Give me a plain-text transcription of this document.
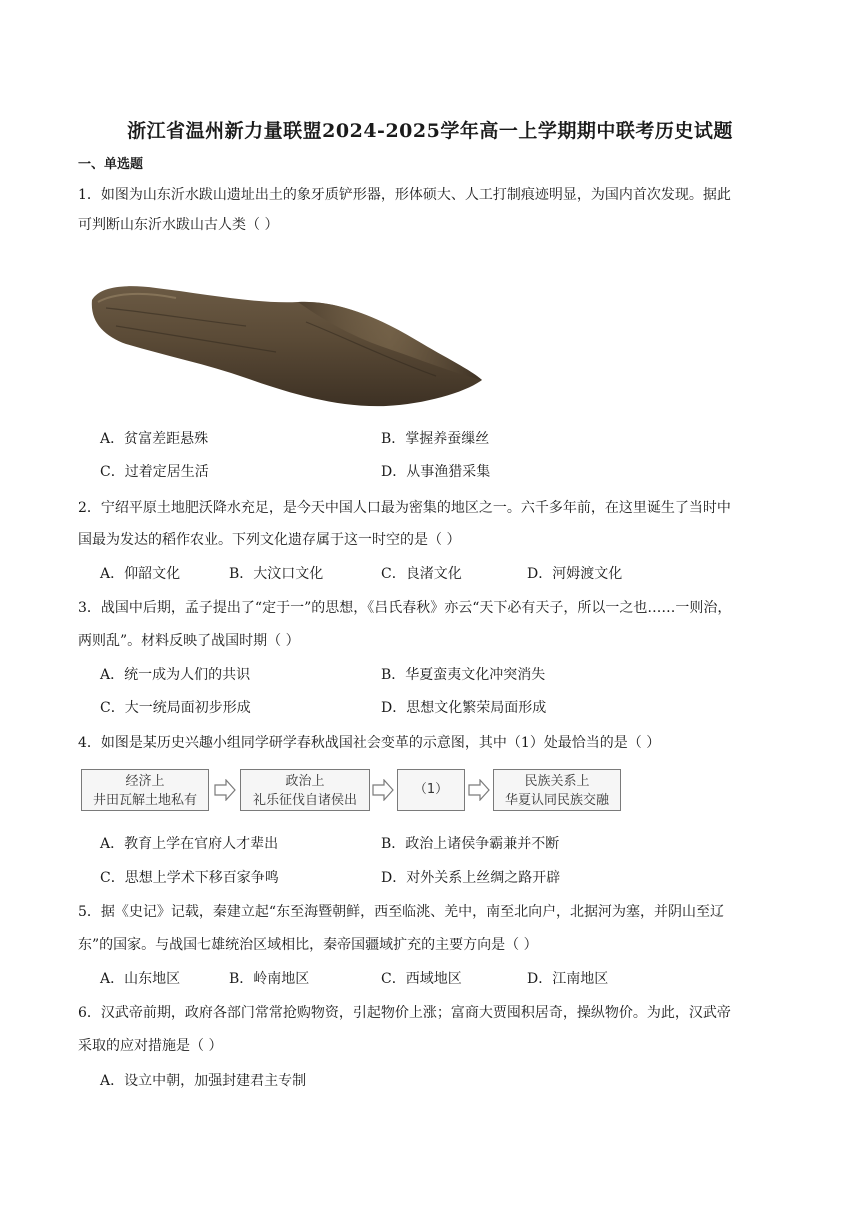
浙江省温州新力量联盟2024-2025学年高一上学期期中联考历史试题
一、单选题
1．如图为山东沂水跋山遗址出土的象牙质铲形器，形体硕大、人工打制痕迹明显，为国内首次发现。据此
可判断山东沂水跋山古人类（ ）
A．贫富差距悬殊	B．掌握养蚕缫丝
C．过着定居生活	D．从事渔猎采集
2．宁绍平原土地肥沃降水充足，是今天中国人口最为密集的地区之一。六千多年前，在这里诞生了当时中
国最为发达的稻作农业。下列文化遗存属于这一时空的是（ ）
A．仰韶文化	B．大汶口文化	C．良渚文化	D．河姆渡文化
3．战国中后期，孟子提出了“定于一”的思想，《吕氏春秋》亦云“天下必有天子，所以一之也……一则治，
两则乱”。材料反映了战国时期（ ）
A．统一成为人们的共识	B．华夏蛮夷文化冲突消失
C．大一统局面初步形成	D．思想文化繁荣局面形成
4．如图是某历史兴趣小组同学研学春秋战国社会变革的示意图，其中（1）处最恰当的是（ ）
经济上
井田瓦解土地私有
政治上
礼乐征伐自诸侯出
（1）
民族关系上
华夏认同民族交融
A．教育上学在官府人才辈出	B．政治上诸侯争霸兼并不断
C．思想上学术下移百家争鸣	D．对外关系上丝绸之路开辟
5．据《史记》记载，秦建立起“东至海暨朝鲜，西至临洮、羌中，南至北向户，北据河为塞，并阴山至辽
东”的国家。与战国七雄统治区域相比，秦帝国疆域扩充的主要方向是（ ）
A．山东地区	B．岭南地区	C．西域地区	D．江南地区
6．汉武帝前期，政府各部门常常抢购物资，引起物价上涨；富商大贾囤积居奇，操纵物价。为此，汉武帝
采取的应对措施是（ ）
A．设立中朝，加强封建君主专制
